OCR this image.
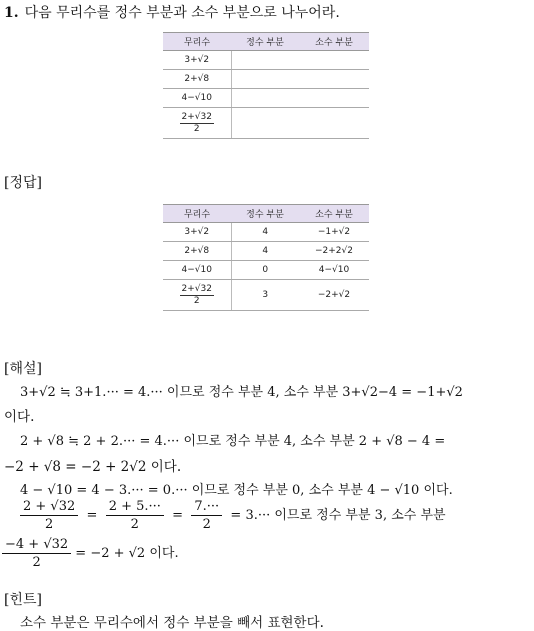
1. 다음 무리수를 정수 부분과 소수 부분으로 나누어라.
무리수	정수 부분	소수 부분
3+√2		
2+√8		
4−√10		

$\frac{2+√32}{2}$

[정답]
무리수	정수 부분	소수 부분
3+√2	4	−1+√2
2+√8	4	−2+2√2
4−√10	0	4−√10

$\frac{2+√32}{2}$	3	−2+√2
[해설]
3+√2 ≒ 3+1.··· = 4.··· 이므로 정수 부분 4, 소수 부분 3+√2−4 = −1+√2
이다.
2 + √8 ≒ 2 + 2.··· = 4.··· 이므로 정수 부분 4, 소수 부분 2 + √8 − 4 =
−2 + √8 = −2 + 2√2 이다.
4 − √10 = 4 − 3.··· = 0.··· 이므로 정수 부분 0, 소수 부분 4 − √10 이다.
$\frac{2 + √32}{2} = \frac{2 + 5.\cdot\cdot\cdot}{2} = \frac{7.\cdot\cdot\cdot}{2} = 3.\cdot\cdot\cdot$ 이므로 정수 부분 3, 소수 부분
$\frac{-4 + √32}{2} = -2 + √2$ 이다.
[힌트]
소수 부분은 무리수에서 정수 부분을 빼서 표현한다.
